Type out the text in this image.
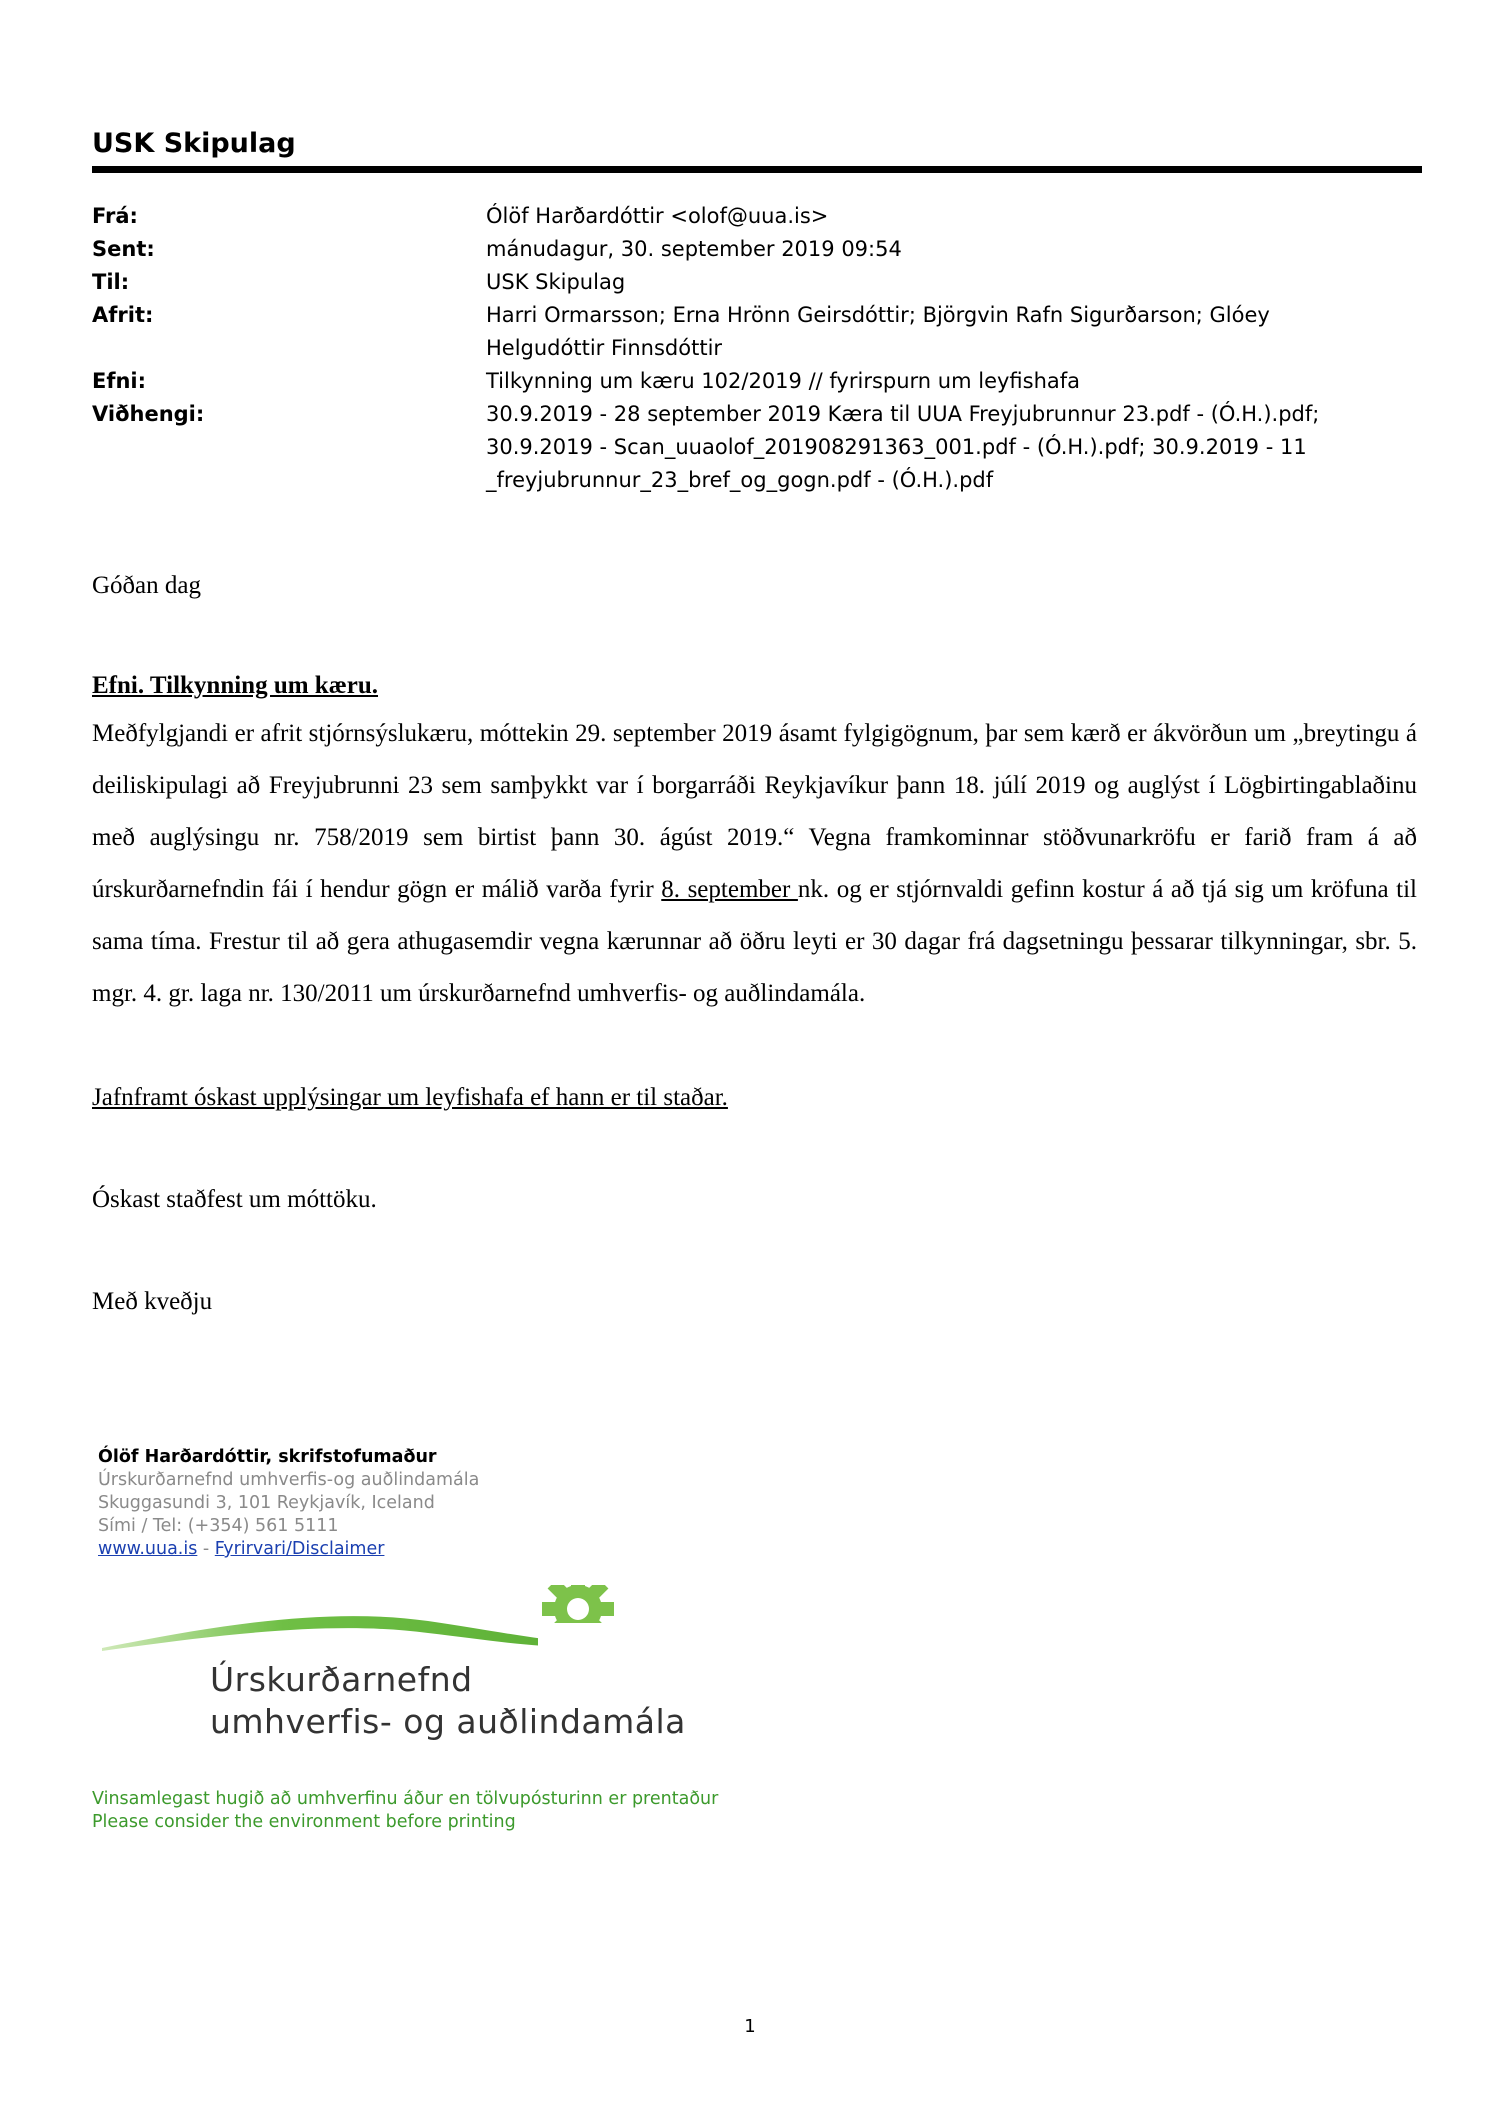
USK Skipulag
Frá:	Ólöf Harðardóttir <olof@uua.is>
Sent:	mánudagur, 30. september 2019 09:54
Til:	USK Skipulag
Afrit:	Harri Ormarsson; Erna Hrönn Geirsdóttir; Björgvin Rafn Sigurðarson; Glóey Helgudóttir Finnsdóttir
Efni:	Tilkynning um kæru 102/2019 // fyrirspurn um leyfishafa
Viðhengi:	30.9.2019 - 28 september 2019 Kæra til UUA Freyjubrunnur 23.pdf - (Ó.H.).pdf; 30.9.2019 - Scan_uuaolof_201908291363_001.pdf - (Ó.H.).pdf; 30.9.2019 - 11 _freyjubrunnur_23_bref_og_gogn.pdf - (Ó.H.).pdf

Góðan dag

Efni. Tilkynning um kæru.

Meðfylgjandi er afrit stjórnsýslukæru, móttekin 29. september 2019 ásamt fylgigögnum, þar sem kærð er ákvörðun um „breytingu á deiliskipulagi að Freyjubrunni 23 sem samþykkt var í borgarráði Reykjavíkur þann 18. júlí 2019 og auglýst í Lögbirtingablaðinu með auglýsingu nr. 758/2019 sem birtist þann 30. ágúst 2019.“ Vegna framkominnar stöðvunarkröfu er farið fram á að úrskurðarnefndin fái í hendur gögn er málið varða fyrir 8. september nk. og er stjórnvaldi gefinn kostur á að tjá sig um kröfuna til sama tíma. Frestur til að gera athugasemdir vegna kærunnar að öðru leyti er 30 dagar frá dagsetningu þessarar tilkynningar, sbr. 5. mgr. 4. gr. laga nr. 130/2011 um úrskurðarnefnd umhverfis- og auðlindamála.

Jafnframt óskast upplýsingar um leyfishafa ef hann er til staðar.

Óskast staðfest um móttöku.

Með kveðju

Ólöf Harðardóttir, skrifstofumaður
Úrskurðarnefnd umhverfis-og auðlindamála
Skuggasundi 3, 101 Reykjavík, Iceland
Sími / Tel: (+354) 561 5111
www.uua.is - Fyrirvari/Disclaimer
Úrskurðarnefnd
umhverfis- og auðlindamála
Vinsamlegast hugið að umhverfinu áður en tölvupósturinn er prentaður
Please consider the environment before printing
1
